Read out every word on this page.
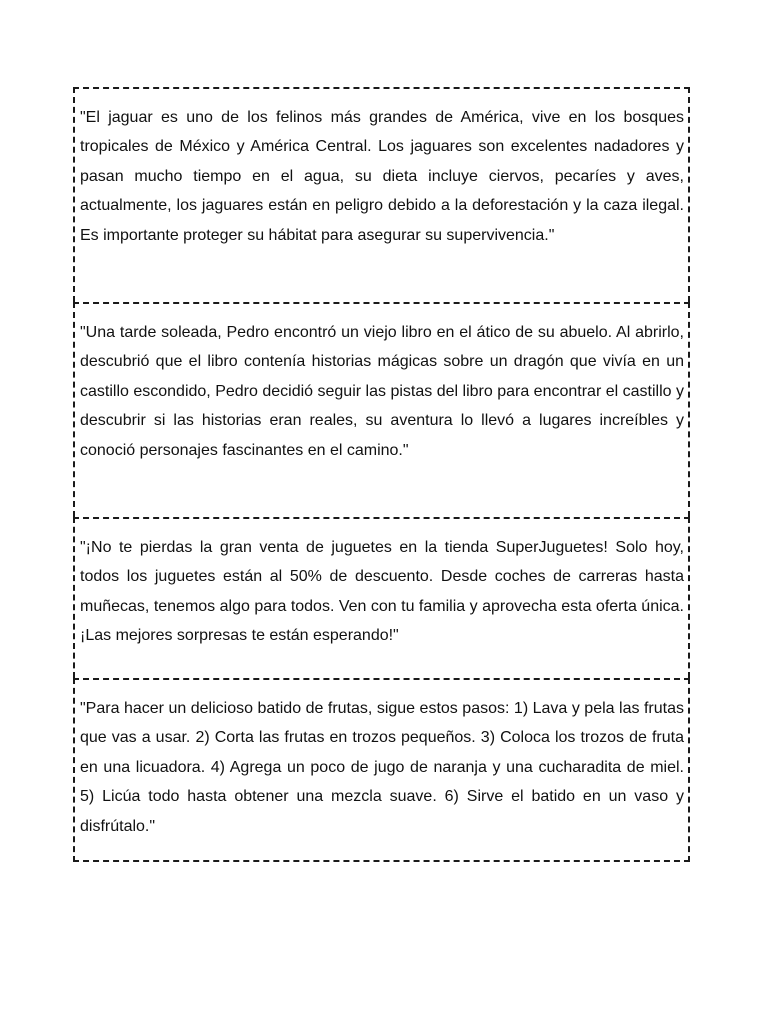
"El jaguar es uno de los felinos más grandes de América, vive en los bosques tropicales de México y América Central. Los jaguares son excelentes nadadores y pasan mucho tiempo en el agua, su dieta incluye ciervos, pecaríes y aves, actualmente, los jaguares están en peligro debido a la deforestación y la caza ilegal. Es importante proteger su hábitat para asegurar su supervivencia."

"Una tarde soleada, Pedro encontró un viejo libro en el ático de su abuelo. Al abrirlo, descubrió que el libro contenía historias mágicas sobre un dragón que vivía en un castillo escondido, Pedro decidió seguir las pistas del libro para encontrar el castillo y descubrir si las historias eran reales, su aventura lo llevó a lugares increíbles y conoció personajes fascinantes en el camino."

"¡No te pierdas la gran venta de juguetes en la tienda SuperJuguetes! Solo hoy, todos los juguetes están al 50% de descuento. Desde coches de carreras hasta muñecas, tenemos algo para todos. Ven con tu familia y aprovecha esta oferta única. ¡Las mejores sorpresas te están esperando!"

"Para hacer un delicioso batido de frutas, sigue estos pasos: 1) Lava y pela las frutas que vas a usar. 2) Corta las frutas en trozos pequeños. 3) Coloca los trozos de fruta en una licuadora. 4) Agrega un poco de jugo de naranja y una cucharadita de miel. 5) Licúa todo hasta obtener una mezcla suave. 6) Sirve el batido en un vaso y disfrútalo."
